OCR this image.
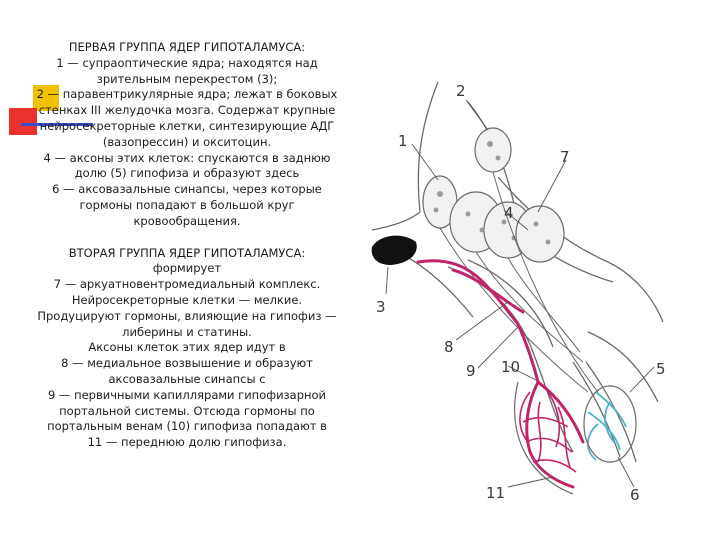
ПЕРВАЯ ГРУППА ЯДЕР ГИПОТАЛАМУСА:

1 — супраоптические ядра; находятся над

зрительным перекрестом (3);

2 — паравентрикулярные ядра; лежат в боковых

стенках III желудочка мозга. Содержат крупные

нейросекреторные клетки, синтезирующие АДГ

(вазопрессин) и окситоцин.

4 — аксоны этих клеток: спускаются в заднюю

долю (5) гипофиза и образуют здесь

6 — аксовазальные синапсы, через которые

гормоны попадают в большой круг

кровообращения.

ВТОРАЯ ГРУППА ЯДЕР ГИПОТАЛАМУСА:

формирует

7 — аркуатновентромедиальный комплекс.

Нейросекреторные клетки — мелкие.

Продуцируют гормоны, влияющие на гипофиз —

либерины и статины.

Аксоны клеток этих ядер идут в

8 — медиальное возвышение и образуют

аксовазальные синапсы с

9 — первичными капиллярами гипофизарной

портальной системы. Отсюда гормоны по

портальным венам (10) гипофиза попадают в

11 — переднюю долю гипофиза.

1
2
3
4
5
6
7
8
9 10
11
